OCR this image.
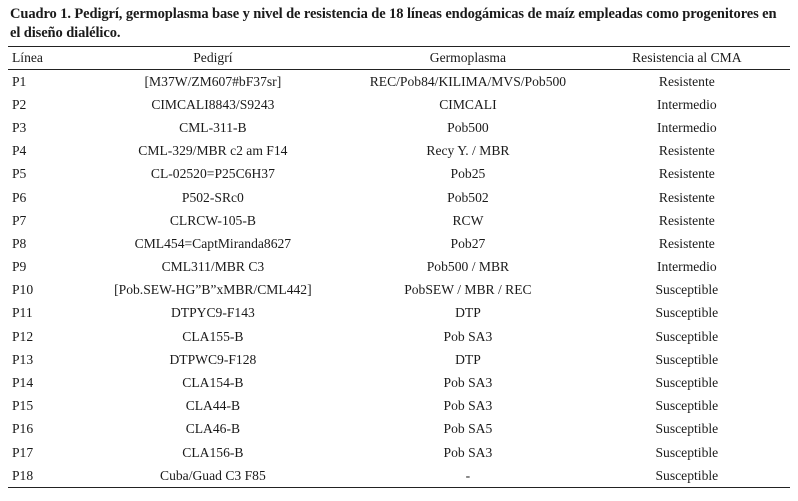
Cuadro 1. Pedigrí, germoplasma base y nivel de resistencia de 18 líneas endogámicas de maíz empleadas como progenitores en el diseño dialélico.

Línea	Pedigrí	Germoplasma	Resistencia al CMA
P1	[M37W/ZM607#bF37sr]	REC/Pob84/KILIMA/MVS/Pob500	Resistente
P2	CIMCALI8843/S9243	CIMCALI	Intermedio
P3	CML-311-B	Pob500	Intermedio
P4	CML-329/MBR c2 am F14	Recy Y. / MBR	Resistente
P5	CL-02520=P25C6H37	Pob25	Resistente
P6	P502-SRc0	Pob502	Resistente
P7	CLRCW-105-B	RCW	Resistente
P8	CML454=CaptMiranda8627	Pob27	Resistente
P9	CML311/MBR C3	Pob500 / MBR	Intermedio
P10	[Pob.SEW-HG”B”xMBR/CML442]	PobSEW / MBR / REC	Susceptible
P11	DTPYC9-F143	DTP	Susceptible
P12	CLA155-B	Pob SA3	Susceptible
P13	DTPWC9-F128	DTP	Susceptible
P14	CLA154-B	Pob SA3	Susceptible
P15	CLA44-B	Pob SA3	Susceptible
P16	CLA46-B	Pob SA5	Susceptible
P17	CLA156-B	Pob SA3	Susceptible
P18	Cuba/Guad C3 F85	-	Susceptible
